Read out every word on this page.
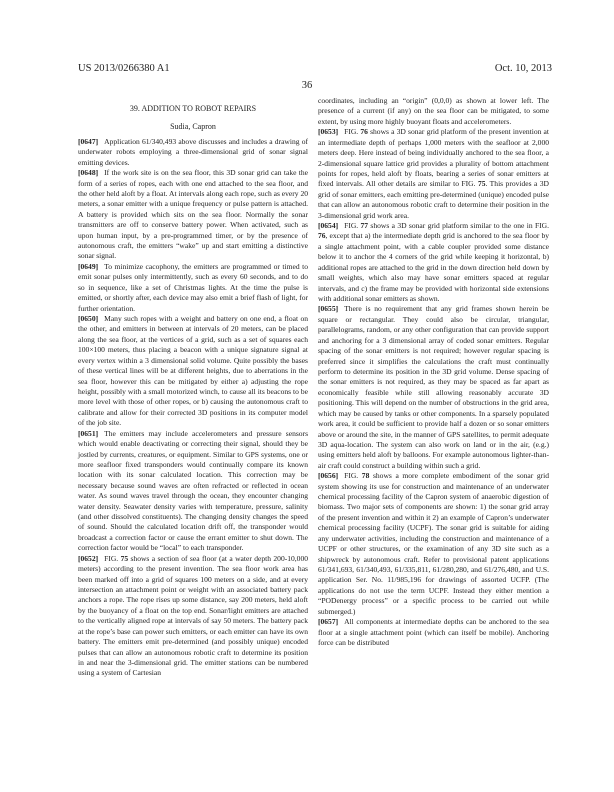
US 2013/0266380 A1	Oct. 10, 2013
36
39. ADDITION TO ROBOT REPAIRS
Sudia, Capron

[0647] Application 61/340,493 above discusses and includes a drawing of underwater robots employing a three-dimensional grid of sonar signal emitting devices.

[0648] If the work site is on the sea floor, this 3D sonar grid can take the form of a series of ropes, each with one end attached to the sea floor, and the other held aloft by a float. At intervals along each rope, such as every 20 meters, a sonar emitter with a unique frequency or pulse pattern is attached. A battery is provided which sits on the sea floor. Normally the sonar transmitters are off to conserve battery power. When activated, such as upon human input, by a pre-programmed timer, or by the presence of autonomous craft, the emitters “wake” up and start emitting a distinctive sonar signal.

[0649] To minimize cacophony, the emitters are programmed or timed to emit sonar pulses only intermittently, such as every 60 seconds, and to do so in sequence, like a set of Christmas lights. At the time the pulse is emitted, or shortly after, each device may also emit a brief flash of light, for further orientation.

[0650] Many such ropes with a weight and battery on one end, a float on the other, and emitters in between at intervals of 20 meters, can be placed along the sea floor, at the vertices of a grid, such as a set of squares each 100×100 meters, thus placing a beacon with a unique signature signal at every vertex within a 3 dimensional solid volume. Quite possibly the bases of these vertical lines will be at different heights, due to aberrations in the sea floor, however this can be mitigated by either a) adjusting the rope height, possibly with a small motorized winch, to cause all its beacons to be more level with those of other ropes, or b) causing the autonomous craft to calibrate and allow for their corrected 3D positions in its computer model of the job site.

[0651] The emitters may include accelerometers and pressure sensors which would enable deactivating or correcting their signal, should they be jostled by currents, creatures, or equipment. Similar to GPS systems, one or more seafloor fixed transponders would continually compare its known location with its sonar calculated location. This correction may be necessary because sound waves are often refracted or reflected in ocean water. As sound waves travel through the ocean, they encounter changing water density. Seawater density varies with temperature, pressure, salinity (and other dissolved constituents). The changing density changes the speed of sound. Should the calculated location drift off, the transponder would broadcast a correction factor or cause the errant emitter to shut down. The correction factor would be “local” to each transponder.

[0652] FIG. 75 shows a section of sea floor (at a water depth 200-10,000 meters) according to the present invention. The sea floor work area has been marked off into a grid of squares 100 meters on a side, and at every intersection an attachment point or weight with an associated battery pack anchors a rope. The rope rises up some distance, say 200 meters, held aloft by the buoyancy of a float on the top end. Sonar/light emitters are attached to the vertically aligned rope at intervals of say 50 meters. The battery pack at the rope’s base can power such emitters, or each emitter can have its own battery. The emitters emit pre-determined (and possibly unique) encoded pulses that can allow an autonomous robotic craft to determine its position in and near the 3-dimensional grid. The emitter stations can be numbered using a system of Cartesian

coordinates, including an “origin” (0,0,0) as shown at lower left. The presence of a current (if any) on the sea floor can be mitigated, to some extent, by using more highly buoyant floats and accelerometers.

[0653] FIG. 76 shows a 3D sonar grid platform of the present invention at an intermediate depth of perhaps 1,000 meters with the seafloor at 2,000 meters deep. Here instead of being individually anchored to the sea floor, a 2-dimensional square lattice grid provides a plurality of bottom attachment points for ropes, held aloft by floats, bearing a series of sonar emitters at fixed intervals. All other details are similar to FIG. 75. This provides a 3D grid of sonar emitters, each emitting pre-determined (unique) encoded pulse that can allow an autonomous robotic craft to determine their position in the 3-dimensional grid work area.

[0654] FIG. 77 shows a 3D sonar grid platform similar to the one in FIG. 76, except that a) the intermediate depth grid is anchored to the sea floor by a single attachment point, with a cable coupler provided some distance below it to anchor the 4 corners of the grid while keeping it horizontal, b) additional ropes are attached to the grid in the down direction held down by small weights, which also may have sonar emitters spaced at regular intervals, and c) the frame may be provided with horizontal side extensions with additional sonar emitters as shown.

[0655] There is no requirement that any grid frames shown herein be square or rectangular. They could also be circular, triangular, parallelograms, random, or any other configuration that can provide support and anchoring for a 3 dimensional array of coded sonar emitters. Regular spacing of the sonar emitters is not required; however regular spacing is preferred since it simplifies the calculations the craft must continually perform to determine its position in the 3D grid volume. Dense spacing of the sonar emitters is not required, as they may be spaced as far apart as economically feasible while still allowing reasonably accurate 3D positioning. This will depend on the number of obstructions in the grid area, which may be caused by tanks or other components. In a sparsely populated work area, it could be sufficient to provide half a dozen or so sonar emitters above or around the site, in the manner of GPS satellites, to permit adequate 3D aqua-location. The system can also work on land or in the air, (e.g.) using emitters held aloft by balloons. For example autonomous lighter-than-air craft could construct a building within such a grid.

[0656] FIG. 78 shows a more complete embodiment of the sonar grid system showing its use for construction and maintenance of an underwater chemical processing facility of the Capron system of anaerobic digestion of biomass. Two major sets of components are shown: 1) the sonar grid array of the present invention and within it 2) an example of Capron’s underwater chemical processing facility (UCPF). The sonar grid is suitable for aiding any underwater activities, including the construction and maintenance of a UCPF or other structures, or the examination of any 3D site such as a shipwreck by autonomous craft. Refer to provisional patent applications 61/341,693, 61/340,493, 61/335,811, 61/280,280, and 61/276,480, and U.S. application Ser. No. 11/985,196 for drawings of assorted UCFP. (The applications do not use the term UCPF. Instead they either mention a “PODenergy process” or a specific process to be carried out while submerged.)

[0657] All components at intermediate depths can be anchored to the sea floor at a single attachment point (which can itself be mobile). Anchoring force can be distributed
